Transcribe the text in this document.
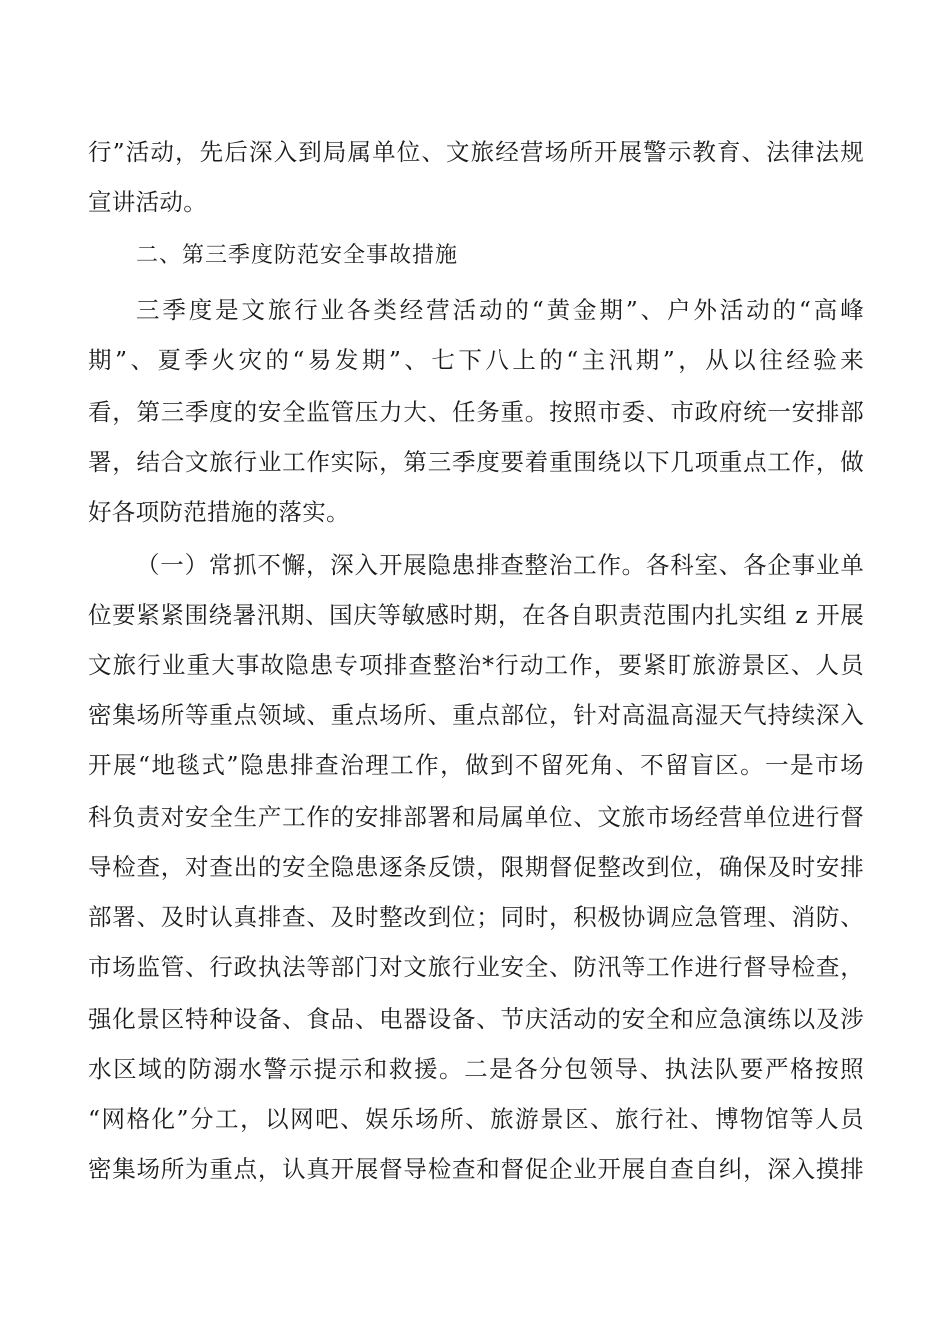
行”活动，先后深入到局属单位、文旅经营场所开展警示教育、法律法规
宣讲活动。
二、第三季度防范安全事故措施
三季度是文旅行业各类经营活动的“黄金期”、户外活动的“高峰
期”、夏季火灾的“易发期”、七下八上的“主汛期”，从以往经验来
看，第三季度的安全监管压力大、任务重。按照市委、市政府统一安排部
署，结合文旅行业工作实际，第三季度要着重围绕以下几项重点工作，做
好各项防范措施的落实。
（一）常抓不懈，深入开展隐患排查整治工作。各科室、各企事业单
位要紧紧围绕暑汛期、国庆等敏感时期，在各自职责范围内扎实组 z 开展
文旅行业重大事故隐患专项排查整治*行动工作，要紧盯旅游景区、人员
密集场所等重点领域、重点场所、重点部位，针对高温高湿天气持续深入
开展“地毯式”隐患排查治理工作，做到不留死角、不留盲区。一是市场
科负责对安全生产工作的安排部署和局属单位、文旅市场经营单位进行督
导检查，对查出的安全隐患逐条反馈，限期督促整改到位，确保及时安排
部署、及时认真排查、及时整改到位；同时，积极协调应急管理、消防、
市场监管、行政执法等部门对文旅行业安全、防汛等工作进行督导检查，
强化景区特种设备、食品、电器设备、节庆活动的安全和应急演练以及涉
水区域的防溺水警示提示和救援。二是各分包领导、执法队要严格按照
“网格化”分工，以网吧、娱乐场所、旅游景区、旅行社、博物馆等人员
密集场所为重点，认真开展督导检查和督促企业开展自查自纠，深入摸排
